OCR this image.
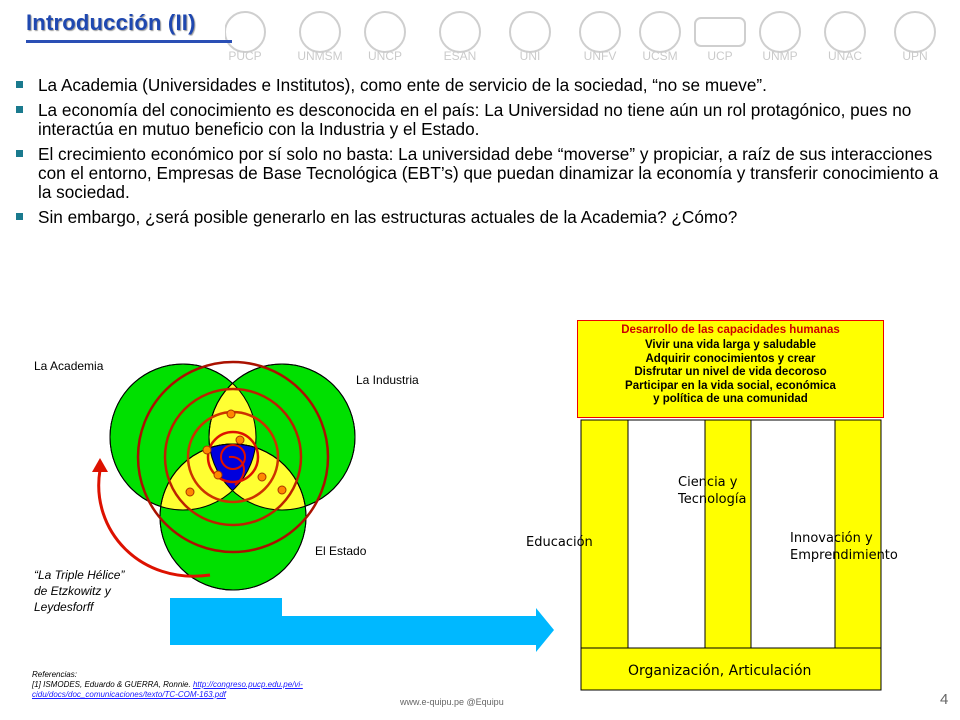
PUCP	UNMSM UNCP	ESAN	UNI	UNFV UCSM UCP UNMP	UNAC	UPN
Introducción (II)
La Academia (Universidades e Institutos), como ente de servicio de la sociedad, “no se mueve”.
La economía del conocimiento es desconocida en el país: La Universidad no tiene aún un rol protagónico, pues no interactúa en mutuo beneficio con la Industria y el Estado.
El crecimiento económico por sí solo no basta: La universidad debe “moverse” y propiciar, a raíz de sus interacciones con el entorno, Empresas de Base Tecnológica (EBT’s) que puedan dinamizar la economía y transferir conocimiento a la sociedad.
Sin embargo, ¿será posible generarlo en las estructuras actuales de la Academia? ¿Cómo?
La Academia
La Industria
El Estado
“La Triple Hélice”
de Etzkowitz y
Leydesforff
Desarrollo de las capacidades humanas
Vivir una vida larga y saludable
Adquirir conocimientos y crear
Disfrutar un nivel de vida decoroso
Participar en la vida social, económica
y política de una comunidad
Educación
Ciencia y
Tecnología
Innovación y
Emprendimiento
Organización, Articulación
Referencias:
[1] ISMODES, Eduardo & GUERRA, Ronnie. http://congreso.pucp.edu.pe/vi-
cidu/docs/doc_comunicaciones/texto/TC-COM-163.pdf
www.e-quipu.pe @Equipu	4
